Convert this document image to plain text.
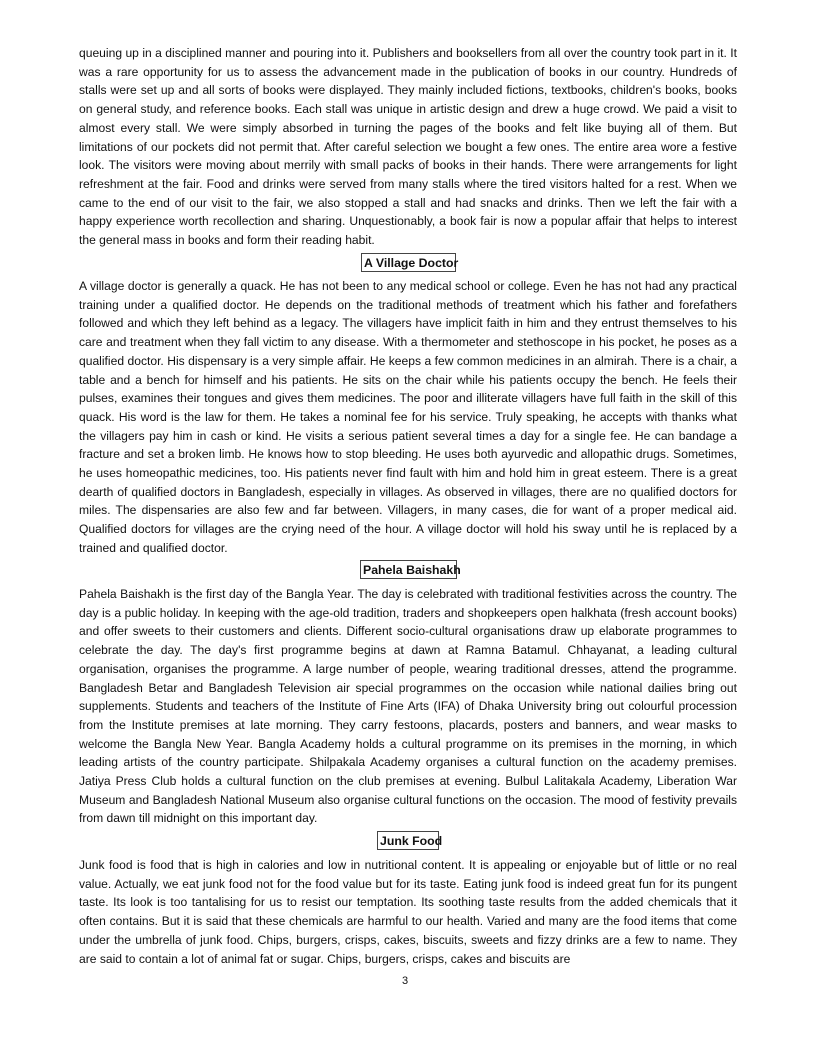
queuing up in a disciplined manner and pouring into it. Publishers and booksellers from all over the country took part in it. It was a rare opportunity for us to assess the advancement made in the publication of books in our country. Hundreds of stalls were set up and all sorts of books were displayed. They mainly included fictions, textbooks, children's books, books on general study, and reference books. Each stall was unique in artistic design and drew a huge crowd. We paid a visit to almost every stall. We were simply absorbed in turning the pages of the books and felt like buying all of them. But limitations of our pockets did not permit that. After careful selection we bought a few ones. The entire area wore a festive look. The visitors were moving about merrily with small packs of books in their hands. There were arrangements for light refreshment at the fair. Food and drinks were served from many stalls where the tired visitors halted for a rest. When we came to the end of our visit to the fair, we also stopped a stall and had snacks and drinks. Then we left the fair with a happy experience worth recollection and sharing. Unquestionably, a book fair is now a popular affair that helps to interest the general mass in books and form their reading habit.

A Village Doctor

A village doctor is generally a quack. He has not been to any medical school or college. Even he has not had any practical training under a qualified doctor. He depends on the traditional methods of treatment which his father and forefathers followed and which they left behind as a legacy. The villagers have implicit faith in him and they entrust themselves to his care and treatment when they fall victim to any disease. With a thermometer and stethoscope in his pocket, he poses as a qualified doctor. His dispensary is a very simple affair. He keeps a few common medicines in an almirah. There is a chair, a table and a bench for himself and his patients. He sits on the chair while his patients occupy the bench. He feels their pulses, examines their tongues and gives them medicines. The poor and illiterate villagers have full faith in the skill of this quack. His word is the law for them. He takes a nominal fee for his service. Truly speaking, he accepts with thanks what the villagers pay him in cash or kind. He visits a serious patient several times a day for a single fee. He can bandage a fracture and set a broken limb. He knows how to stop bleeding. He uses both ayurvedic and allopathic drugs. Sometimes, he uses homeopathic medicines, too. His patients never find fault with him and hold him in great esteem. There is a great dearth of qualified doctors in Bangladesh, especially in villages. As observed in villages, there are no qualified doctors for miles. The dispensaries are also few and far between. Villagers, in many cases, die for want of a proper medical aid. Qualified doctors for villages are the crying need of the hour. A village doctor will hold his sway until he is replaced by a trained and qualified doctor.

Pahela Baishakh

Pahela Baishakh is the first day of the Bangla Year. The day is celebrated with traditional festivities across the country. The day is a public holiday. In keeping with the age-old tradition, traders and shopkeepers open halkhata (fresh account books) and offer sweets to their customers and clients. Different socio-cultural organisations draw up elaborate programmes to celebrate the day. The day's first programme begins at dawn at Ramna Batamul. Chhayanat, a leading cultural organisation, organises the programme. A large number of people, wearing traditional dresses, attend the programme. Bangladesh Betar and Bangladesh Television air special programmes on the occasion while national dailies bring out supplements. Students and teachers of the Institute of Fine Arts (IFA) of Dhaka University bring out colourful procession from the Institute premises at late morning. They carry festoons, placards, posters and banners, and wear masks to welcome the Bangla New Year. Bangla Academy holds a cultural programme on its premises in the morning, in which leading artists of the country participate. Shilpakala Academy organises a cultural function on the academy premises. Jatiya Press Club holds a cultural function on the club premises at evening. Bulbul Lalitakala Academy, Liberation War Museum and Bangladesh National Museum also organise cultural functions on the occasion. The mood of festivity prevails from dawn till midnight on this important day.

Junk Food

Junk food is food that is high in calories and low in nutritional content. It is appealing or enjoyable but of little or no real value. Actually, we eat junk food not for the food value but for its taste. Eating junk food is indeed great fun for its pungent taste. Its look is too tantalising for us to resist our temptation. Its soothing taste results from the added chemicals that it often contains. But it is said that these chemicals are harmful to our health. Varied and many are the food items that come under the umbrella of junk food. Chips, burgers, crisps, cakes, biscuits, sweets and fizzy drinks are a few to name. They are said to contain a lot of animal fat or sugar. Chips, burgers, crisps, cakes and biscuits are

3
